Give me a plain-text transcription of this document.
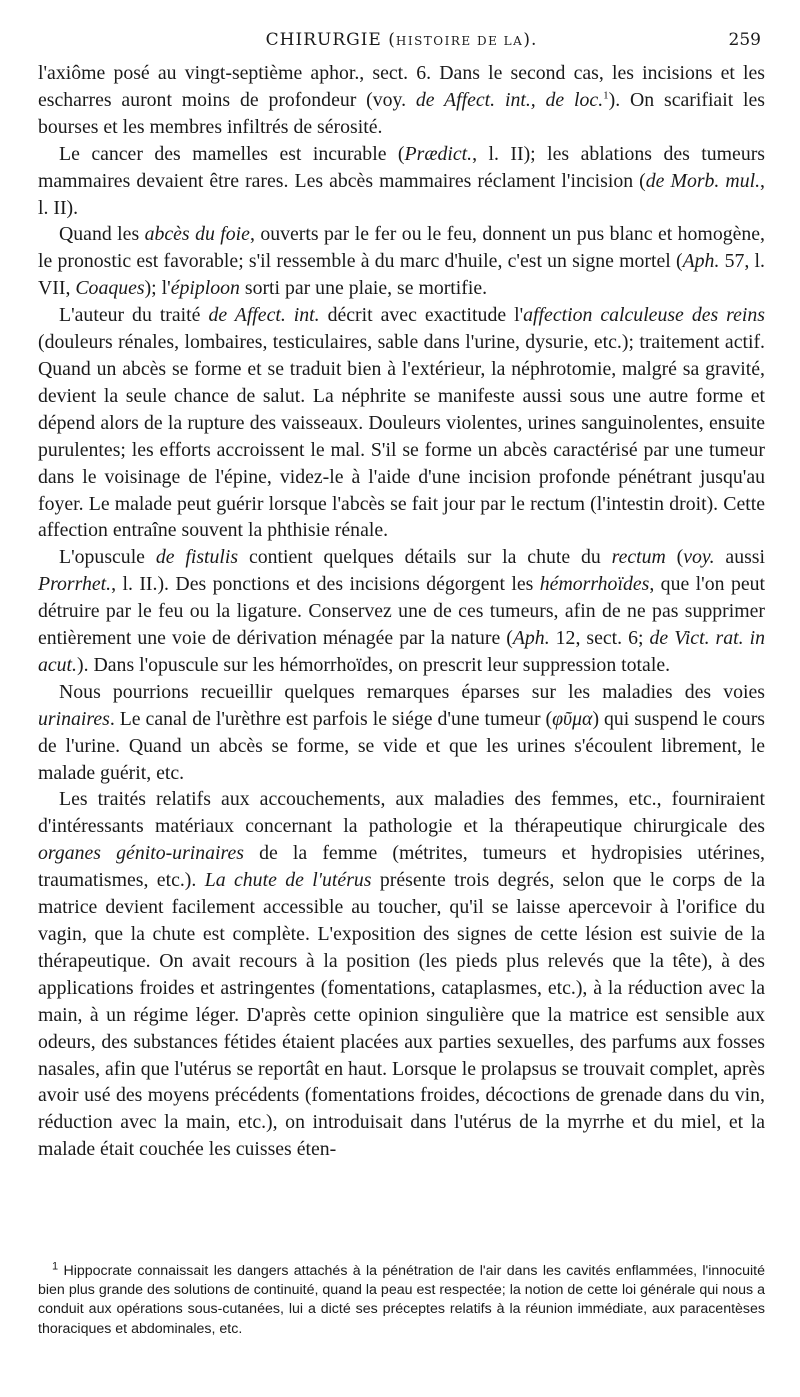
CHIRURGIE (HISTOIRE DE LA).	259

l'axiôme posé au vingt-septième aphor., sect. 6. Dans le second cas, les incisions et les escharres auront moins de profondeur (voy. de Affect. int., de loc.$^1$). On scarifiait les bourses et les membres infiltrés de sérosité.

Le cancer des mamelles est incurable (Prædict., l. II); les ablations des tumeurs mammaires devaient être rares. Les abcès mammaires réclament l'incision (de Morb. mul., l. II).

Quand les abcès du foie, ouverts par le fer ou le feu, donnent un pus blanc et homogène, le pronostic est favorable; s'il ressemble à du marc d'huile, c'est un signe mortel (Aph. 57, l. VII, Coaques); l'épiploon sorti par une plaie, se mortifie.

L'auteur du traité de Affect. int. décrit avec exactitude l'affection calculeuse des reins (douleurs rénales, lombaires, testiculaires, sable dans l'urine, dysurie, etc.); traitement actif. Quand un abcès se forme et se traduit bien à l'extérieur, la néphrotomie, malgré sa gravité, devient la seule chance de salut. La néphrite se manifeste aussi sous une autre forme et dépend alors de la rupture des vaisseaux. Douleurs violentes, urines sanguinolentes, ensuite purulentes; les efforts accroissent le mal. S'il se forme un abcès caractérisé par une tumeur dans le voisinage de l'épine, videz-le à l'aide d'une incision profonde pénétrant jusqu'au foyer. Le malade peut guérir lorsque l'abcès se fait jour par le rectum (l'intestin droit). Cette affection entraîne souvent la phthisie rénale.

L'opuscule de fistulis contient quelques détails sur la chute du rectum (voy. aussi Prorrhet., l. II.). Des ponctions et des incisions dégorgent les hémorrhoïdes, que l'on peut détruire par le feu ou la ligature. Conservez une de ces tumeurs, afin de ne pas supprimer entièrement une voie de dérivation ménagée par la nature (Aph. 12, sect. 6; de Vict. rat. in acut.). Dans l'opuscule sur les hémorrhoïdes, on prescrit leur suppression totale.

Nous pourrions recueillir quelques remarques éparses sur les maladies des voies urinaires. Le canal de l'urèthre est parfois le siége d'une tumeur (φῦμα) qui suspend le cours de l'urine. Quand un abcès se forme, se vide et que les urines s'écoulent librement, le malade guérit, etc.

Les traités relatifs aux accouchements, aux maladies des femmes, etc., fourniraient d'intéressants matériaux concernant la pathologie et la thérapeutique chirurgicale des organes génito-urinaires de la femme (métrites, tumeurs et hydropisies utérines, traumatismes, etc.). La chute de l'utérus présente trois degrés, selon que le corps de la matrice devient facilement accessible au toucher, qu'il se laisse apercevoir à l'orifice du vagin, que la chute est complète. L'exposition des signes de cette lésion est suivie de la thérapeutique. On avait recours à la position (les pieds plus relevés que la tête), à des applications froides et astringentes (fomentations, cataplasmes, etc.), à la réduction avec la main, à un régime léger. D'après cette opinion singulière que la matrice est sensible aux odeurs, des substances fétides étaient placées aux parties sexuelles, des parfums aux fosses nasales, afin que l'utérus se reportât en haut. Lorsque le prolapsus se trouvait complet, après avoir usé des moyens précédents (fomentations froides, décoctions de grenade dans du vin, réduction avec la main, etc.), on introduisait dans l'utérus de la myrrhe et du miel, et la malade était couchée les cuisses éten-

$^1$ Hippocrate connaissait les dangers attachés à la pénétration de l'air dans les cavités enflammées, l'innocuité bien plus grande des solutions de continuité, quand la peau est respectée; la notion de cette loi générale qui nous a conduit aux opérations sous-cutanées, lui a dicté ses préceptes relatifs à la réunion immédiate, aux paracentèses thoraciques et abdominales, etc.
